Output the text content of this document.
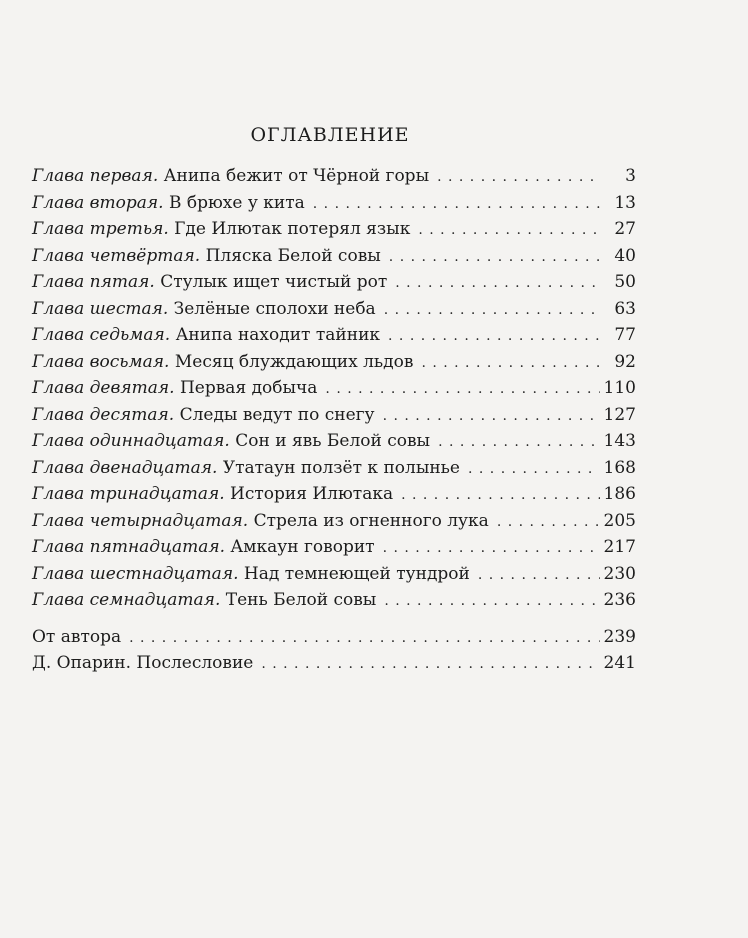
ОГЛАВЛЕНИЕ
Глава первая. Анипа бежит от Чёрной горы . . .	3
Глава вторая. В брюхе у кита . . .	13
Глава третья. Где Илютак потерял язык . . .	27
Глава четвёртая. Пляска Белой совы . . .	40
Глава пятая. Стулык ищет чистый рот . . .	50
Глава шестая. Зелёные сполохи неба . . .	63
Глава седьмая. Анипа находит тайник . . .	77
Глава восьмая. Месяц блуждающих льдов . . .	92
Глава девятая. Первая добыча . . .	110
Глава десятая. Следы ведут по снегу . . .	127
Глава одиннадцатая. Сон и явь Белой совы . . .	143
Глава двенадцатая. Утатаун ползёт к полынье . . .	168
Глава тринадцатая. История Илютака . . .	186
Глава четырнадцатая. Стрела из огненного лука . . .	205
Глава пятнадцатая. Амкаун говорит . . .	217
Глава шестнадцатая. Над темнеющей тундрой . . .	230
Глава семнадцатая. Тень Белой совы . . .	236
От автора . . .	239
Д. Опарин. Послесловие . . .	241
